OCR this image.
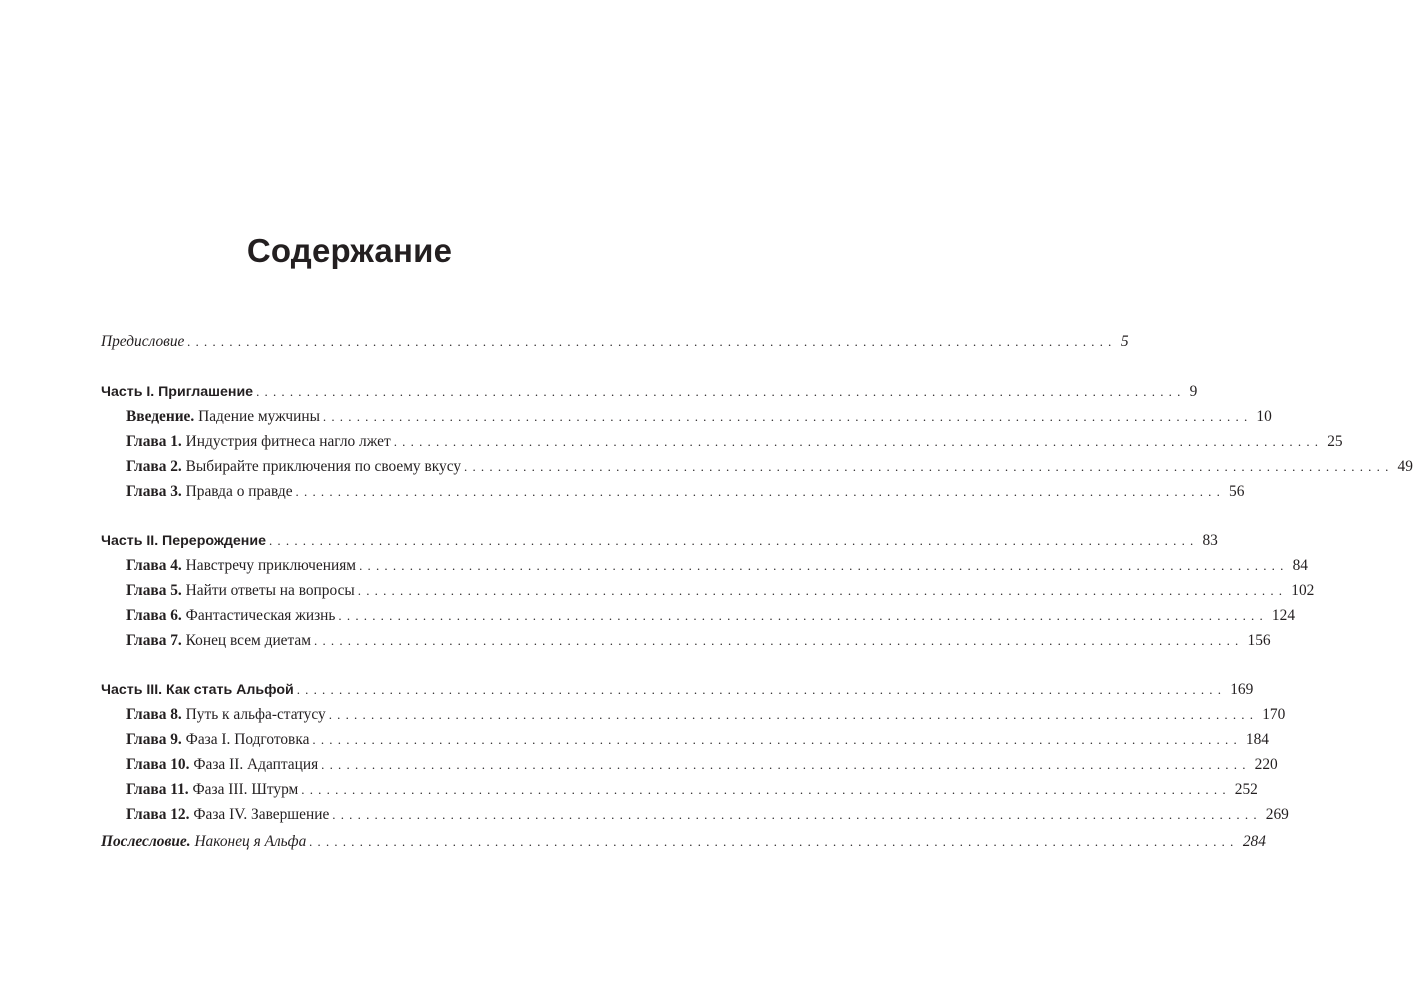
Содержание
Предисловие .............................................................................................................. 5
Часть I. Приглашение .............................................................................................................. 9
Введение. Падение мужчины .............................................................................................................. 10
Глава 1. Индустрия фитнеса нагло лжет .............................................................................................................. 25
Глава 2. Выбирайте приключения по своему вкусу .............................................................................................................. 49
Глава 3. Правда о правде .............................................................................................................. 56
Часть II. Перерождение .............................................................................................................. 83
Глава 4. Навстречу приключениям .............................................................................................................. 84
Глава 5. Найти ответы на вопросы .............................................................................................................. 102
Глава 6. Фантастическая жизнь .............................................................................................................. 124
Глава 7. Конец всем диетам .............................................................................................................. 156
Часть III. Как стать Альфой .............................................................................................................. 169
Глава 8. Путь к альфа-статусу .............................................................................................................. 170
Глава 9. Фаза I. Подготовка .............................................................................................................. 184
Глава 10. Фаза II. Адаптация .............................................................................................................. 220
Глава 11. Фаза III. Штурм .............................................................................................................. 252
Глава 12. Фаза IV. Завершение .............................................................................................................. 269
Послесловие. Наконец я Альфа .............................................................................................................. 284
